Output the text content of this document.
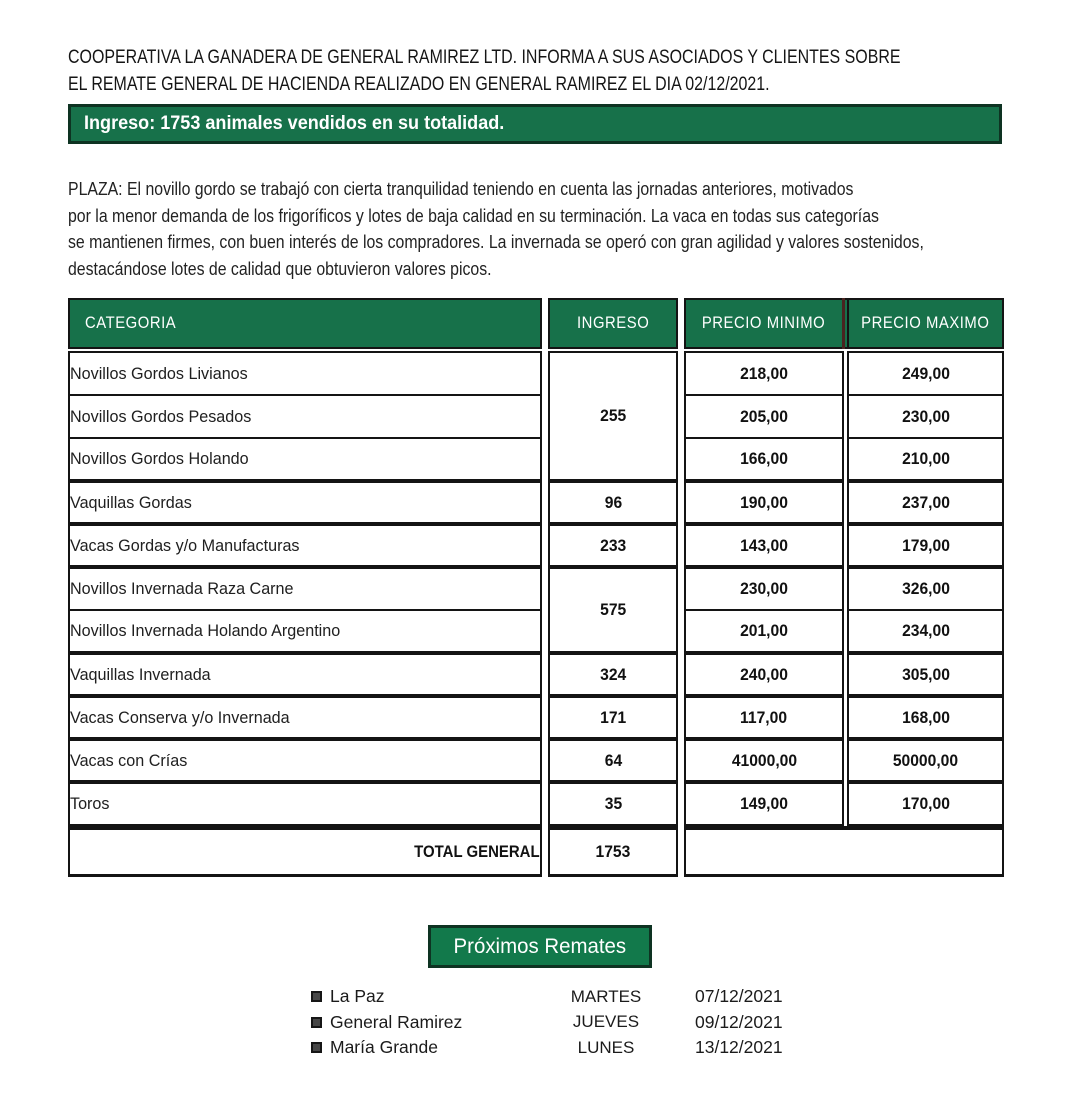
COOPERATIVA LA GANADERA DE GENERAL RAMIREZ LTD. INFORMA A SUS ASOCIADOS Y CLIENTES SOBRE
EL REMATE GENERAL DE HACIENDA REALIZADO EN GENERAL RAMIREZ EL DIA 02/12/2021.
Ingreso: 1753 animales vendidos en su totalidad.
PLAZA: El novillo gordo se trabajó con cierta tranquilidad teniendo en cuenta las jornadas anteriores, motivados
por la menor demanda de los frigoríficos y lotes de baja calidad en su terminación. La vaca en todas sus categorías
se mantienen firmes, con buen interés de los compradores. La invernada se operó con gran agilidad y valores sostenidos,
destacándose lotes de calidad que obtuvieron valores picos.
CATEGORIA		INGRESO		PRECIO MINIMO		PRECIO MAXIMO

Novillos Gordos Livianos		255		218,00		249,00
Novillos Gordos Pesados				205,00		230,00
Novillos Gordos Holando				166,00		210,00
Vaquillas Gordas		96		190,00		237,00
Vacas Gordas y/o Manufacturas		233		143,00		179,00
Novillos Invernada Raza Carne		575		230,00		326,00
Novillos Invernada Holando Argentino				201,00		234,00
Vaquillas Invernada		324		240,00		305,00
Vacas Conserva y/o Invernada		171		117,00		168,00
Vacas con Crías		64		41000,00		50000,00
Toros		35		149,00		170,00

TOTAL GENERAL		1753				
Próximos Remates
La Paz	MARTES	07/12/2021
General Ramirez	JUEVES	09/12/2021
María Grande	LUNES	13/12/2021
